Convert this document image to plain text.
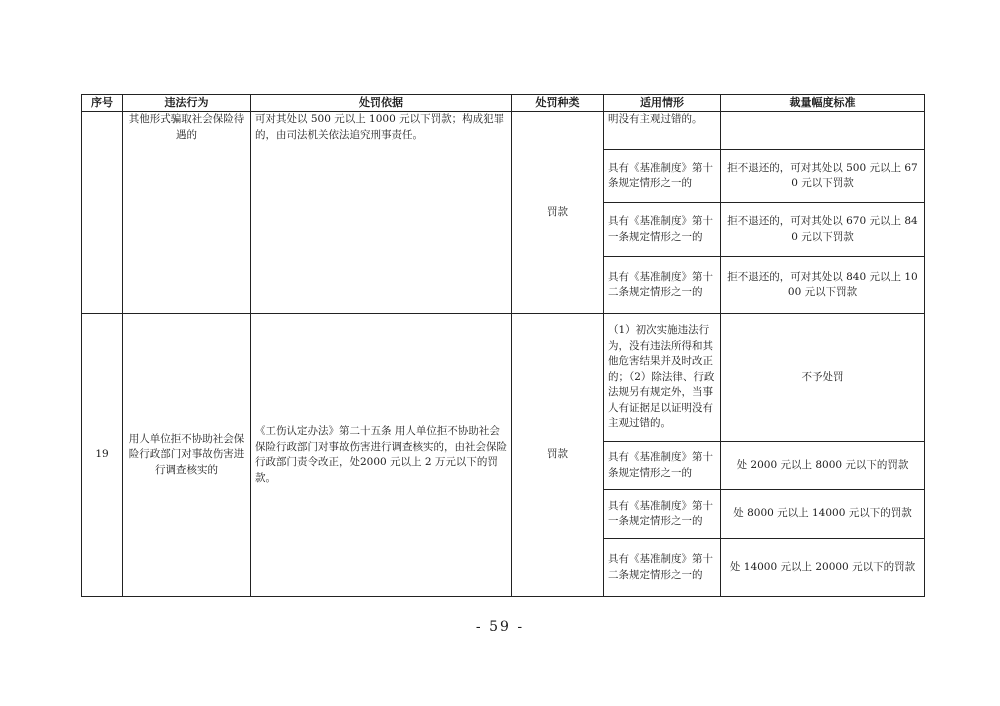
序号	违法行为	处罚依据	处罚种类	适用情形	裁量幅度标准
	其他形式骗取社会保险待遇的	可对其处以 500 元以上 1000 元以下罚款；构成犯罪的，由司法机关依法追究刑事责任。	罚款	明没有主观过错的。	
				具有《基准制度》第十条规定情形之一的	拒不退还的，可对其处以 500 元以上 670 元以下罚款
				具有《基准制度》第十一条规定情形之一的	拒不退还的，可对其处以 670 元以上 840 元以下罚款
				具有《基准制度》第十二条规定情形之一的	拒不退还的，可对其处以 840 元以上 1000 元以下罚款
19	用人单位拒不协助社会保险行政部门对事故伤害进行调查核实的	《工伤认定办法》第二十五条 用人单位拒不协助社会保险行政部门对事故伤害进行调查核实的，由社会保险行政部门责令改正，处2000 元以上 2 万元以下的罚款。	罚款	（1）初次实施违法行为，没有违法所得和其他危害结果并及时改正的；（2）除法律、行政法规另有规定外，当事人有证据足以证明没有主观过错的。	不予处罚
				具有《基准制度》第十条规定情形之一的	处 2000 元以上 8000 元以下的罚款
				具有《基准制度》第十一条规定情形之一的	处 8000 元以上 14000 元以下的罚款
				具有《基准制度》第十二条规定情形之一的	处 14000 元以上 20000 元以下的罚款
- 59 -
